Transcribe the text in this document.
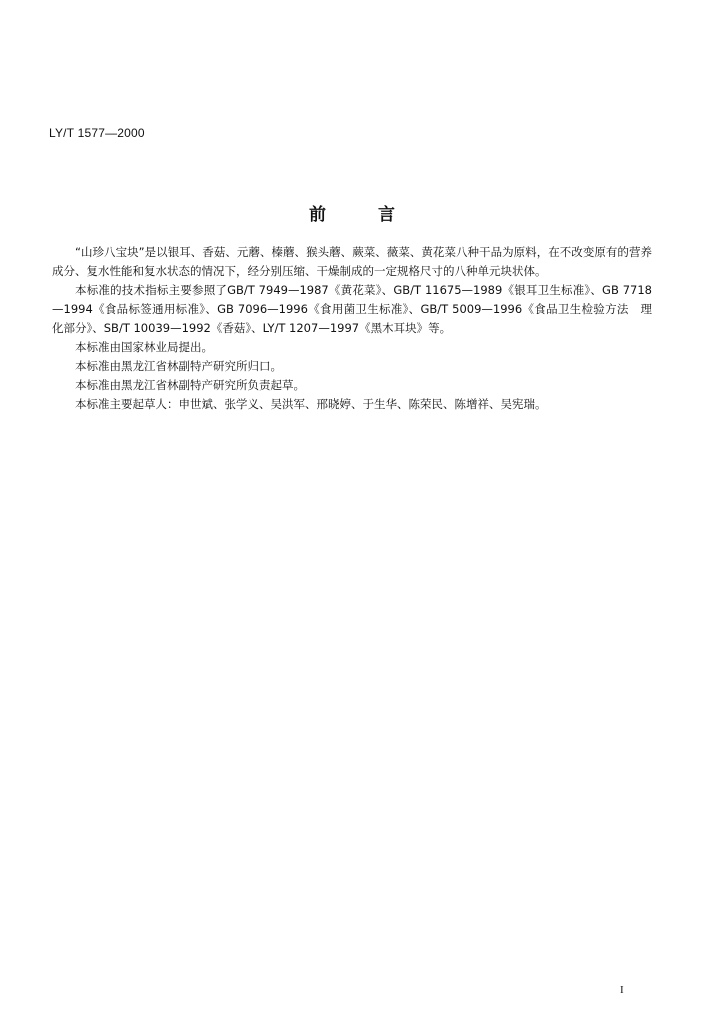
LY/T 1577—2000
前言

“山珍八宝块”是以银耳、香菇、元蘑、榛蘑、猴头蘑、蕨菜、薇菜、黄花菜八种干品为原料，在不改变原有的营养成分、复水性能和复水状态的情况下，经分别压缩、干燥制成的一定规格尺寸的八种单元块状体。

本标准的技术指标主要参照了GB/T 7949—1987《黄花菜》、GB/T 11675—1989《银耳卫生标准》、GB 7718—1994《食品标签通用标准》、GB 7096—1996《食用菌卫生标准》、GB/T 5009—1996《食品卫生检验方法　理化部分》、SB/T 10039—1992《香菇》、LY/T 1207—1997《黑木耳块》等。

本标准由国家林业局提出。

本标准由黑龙江省林副特产研究所归口。

本标准由黑龙江省林副特产研究所负责起草。

本标准主要起草人：申世斌、张学义、吴洪军、邢晓婷、于生华、陈荣民、陈增祥、吴宪瑞。

I
